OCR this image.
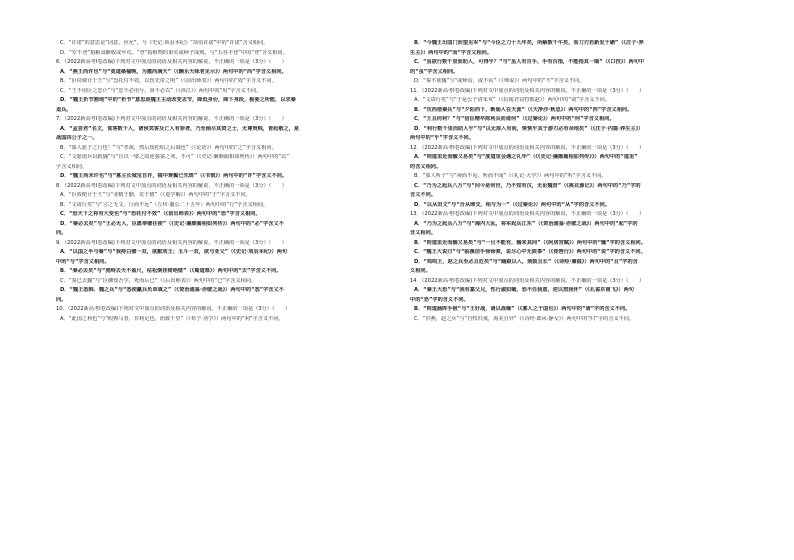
C．“许诺”的意思是“同意，应允”，与《史记·项羽本纪》“项伯许诺”中的“许诺”含义相同。
D．“岁不登”指粮食歉收或年荒。“登”指植物的果实或种子成熟，与“五谷丰登”中的“登”含义相同。
6．（2022新高考Ⅰ卷改编)下列对文中加点的词语及相关内容的解说，不正确的一项是（3分）（　　）
A．“燕王尚许也”与“莫道桑榆晚，为霞尚满天”（《酬乐天咏老见示》）两句中的“尚”字含义相同。
B．“臣窃谏计于王”与“恐托付不效，以伤先帝之明”（《前出师表》）两句中的“效”字含义不同。
C．“王不用臣之忠计”与“忠不必用兮，贤不必以”（《涉江》）两句中的“用”字含义不同。
D．“魏王折节割地”中的“折节”意思是魏王主动改变志节，降低身份，降下身段，极委之所能，以求秦
退兵。
7．（2022新高考Ⅰ卷改编)下列对文中加点的词语及相关内容的解说，不正确的一项是（3分）（　　）
A．“孟尝君”名文，食客数千人，诸侯宾客及亡人有罪者，乃至倾尽其资之士，无尊贵贱，皆起敬之，是
战国四公子之一。
B．“寡人愿子之行也！”与“孝哉，然后知松柏之后凋也”（《论语》）两句中的“之”字含义相同。
C．“文愿借兵以救魏”与“且以一璧之故逆强秦之欢，不可”（《史记·廉颇蔺相如列传》）两句中的“以”
字含义相同。
D．“魏王尚未许也”与“寡主长城宝自许，镜中衰鬓已先斑”（《书愤》）两句中的“许”字含义不同。
8．（2022新高考Ⅰ卷改编)下列对文中加点的词语及相关内容的解说，不正确的一项是（3分）（　　）
A．“臣效便计于王”与“业精于勤，荒于嬉”（《进学解》）两句中的“于”字含义不同。
B．“文请行矣”与“言之无文，行而不远”（左传·襄公二十五年）两句中的“行”字含义相同。
C．“恐天下之将有大变也”与“恐托付不效”（《前出师表》）两句中的“恐”字含义相同。
D．“秦必去矣”与“王必无人，臣愿奉璧往使”（《史记·廉颇蔺相如列传》）两句中的“必”字含义不
同。
9．（2022新高考Ⅰ卷改编)下列对文中加点的词语及相关内容的解说，不正确的一项是（3分）（　　）
A．“以国之半与秦”与“我持白璧一双，欲献项王；玉斗一双，欲与亚父”（《史记·项羽本纪》）两句
中的“与”字含义相同。
B．“秦必去矣”与“流峙去天不盈尺，枯松倒挂倚绝壁”（《蜀道难》）两句中的“去”字含义不同。
C．“秦已去魏”与“臣御知吾学，死而后已”（《后出师表》）两句中的“已”字含义相同。
D．“魏王悉韩、魏之兵”与“悉使羸兵负草填之”（《资治通鉴·赤壁之战》）两句中的“悉”字含义不
同。
10．（2022新高考Ⅰ卷改编)下列对文中加点的词语及相关内容的解说，不正确的一项是（3分）（　　）
A．“此国之利也”与“假舆马者，非利足也，而致千里”（《荀子·劝学》）两句中的“利”字含义不同。
B．“今魏王出国门而望见军”与“今臣之刀十九年矣，所解数千牛矣，而刀刃若新发于硎”（《庄子·养
生主》）两句中的“而”字含义相同。
C．“虽欲行数千里而助人，可得乎？”与“虽人有百手，手有百指，不能指其一端”（《口技》）两句中
的“虽”字含义相同。
D．“秦不欲魏”与“或师焉，或不焉”（《师说》）两句中的“不”字含义不同。
11．（2022新高考Ⅰ卷改编)下列对文中加点的词语及相关内容的解说，不正确的一项是（3分）（　　）
A．“文请行矣”与“于是公子请朱亥”（《信陵君窃符救赵》）两句中的“请”字含义不同。
B．“攻西借秦兵”与“夕阳西下，断肠人在天涯”（《天净沙·秋思》）两句中的“西”字含义相同。
C．“王且何利？”与“信臣精卒陈利兵而谁何”（《过秦论》）两句中的“何”字含义相同。
D．“利行数千里而助人乎”与“以无厚入有间，恢恢乎其于游刃必有余地矣”（《庄子·内篇·养生主》）
两句中的“乎”字含义不同。
12．（2022新高考Ⅰ卷改编)下列对文中加点的词语及相关内容的解说，不正确的一项是（3分）（　　）
A．“则道里近而输又易矣”与“度道里会遇之礼毕”（《《史记·廉颇蔺相如列传》》）两句中的“道里”
的含义相同。
B．“寡人听子”与“视而不见，听而不闻”（《礼记·大学》）两句中的“听”字含义不同。
C．“乃为之起兵八万”与“问今是何世，乃不知有汉，无论魏晋”（《桃花源记》）两句中的“乃”字的
含义不同。
D．“以从田文”与“合从缔交，相与为一”（《过秦论》）两句中的“从”字的含义不同。
13．（2022新高考Ⅰ卷改编)下列对文中加点的词语及相关内容的解说，不正确的一项是（3分）（　　）
A．“乃为之起兵八万”与“海内大乱，将军起兵江东”（《资治通鉴·赤壁之战》）两句中的“起”字的
含义相同。
B．“则道里近而输又易矣”与“一旦不能有，输来其间”（《阿房宫赋》）两句中的“输”字的含义相同。
C．“魏王大说曰”与“临溪信手徐徐弹，说尽心中无限事”（《琵琶行》）两句中的“说”字的含义不同。
D．“鸡鸣王，赵之兵至必且危矣”与“蹑跟以入，颈鼓且长”（《诗经·蒹葭》）两句中的“且”字的含
义相同。
14．（2022新高考Ⅰ卷改编)下列对文中加点的词语及相关内容的解说，不正确的一项是（3分）（　　）
A．“秦王大恐”与“我有嘉父兄，性行淑如蛹，恐不任我意，逆以煎我怀”（《孔雀东南飞》）两句
中的“恐”字的含义不同。
B．“则道涵阵手极”与“王好战，请以战喻”（《寡人之于国也》）两句中的“请”字的含义不同。
C．“归燕，赵之兵”与“自牧归荑，洵美且异”（《诗经·邶风·静女》）两句中的“归”字的含义不同。
